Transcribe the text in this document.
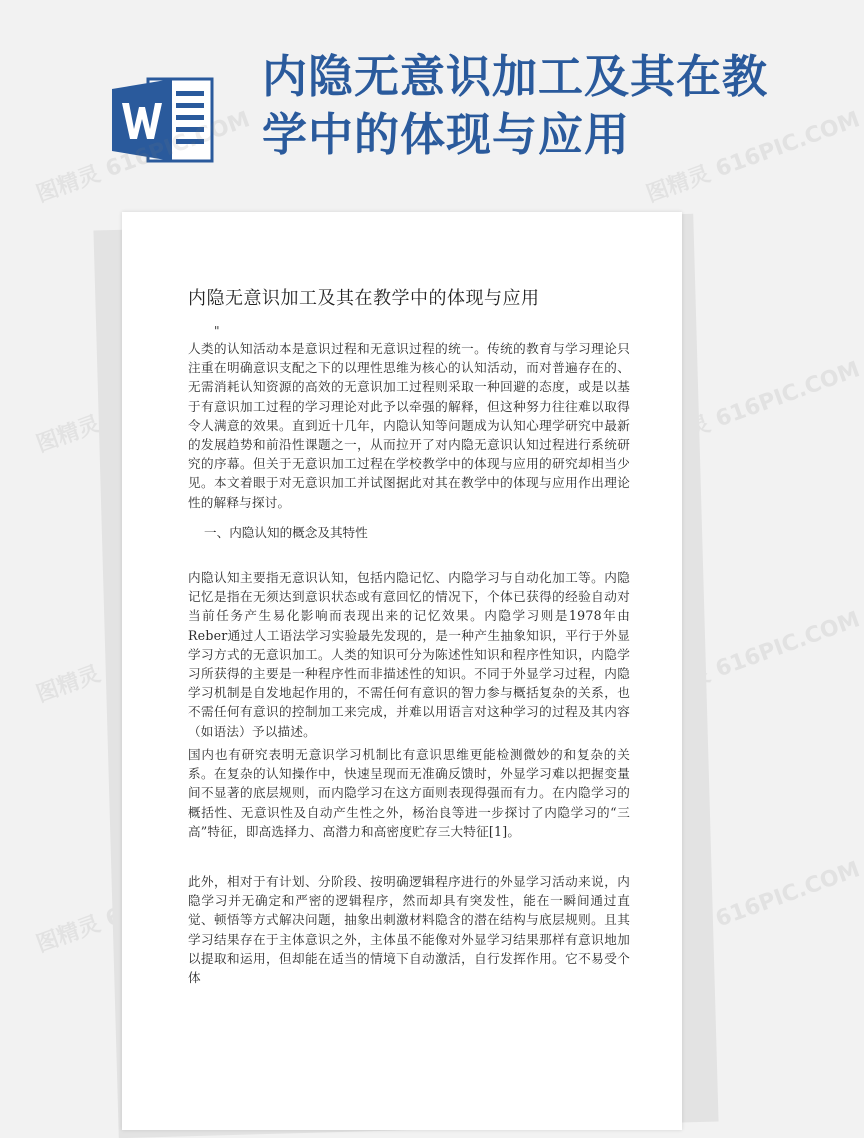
内隐无意识加工及其在教学中的体现与应用
图精灵 616PIC.COM	图精灵 616PIC.COM
图精灵	图精灵 616PIC.COM
图精灵	图精灵 616PIC.COM
图精灵	图精灵 616PIC.COM
内隐无意识加工及其在教学中的体现与应用
"

人类的认知活动本是意识过程和无意识过程的统一。传统的教育与学习理论只注重在明确意识支配之下的以理性思维为核心的认知活动，而对普遍存在的、无需消耗认知资源的高效的无意识加工过程则采取一种回避的态度，或是以基于有意识加工过程的学习理论对此予以牵强的解释，但这种努力往往难以取得令人满意的效果。直到近十几年，内隐认知等问题成为认知心理学研究中最新的发展趋势和前沿性课题之一，从而拉开了对内隐无意识认知过程进行系统研究的序幕。但关于无意识加工过程在学校教学中的体现与应用的研究却相当少见。本文着眼于对无意识加工并试图据此对其在教学中的体现与应用作出理论性的解释与探讨。

一、内隐认知的概念及其特性

内隐认知主要指无意识认知，包括内隐记忆、内隐学习与自动化加工等。内隐记忆是指在无须达到意识状态或有意回忆的情况下，个体已获得的经验自动对当前任务产生易化影响而表现出来的记忆效果。内隐学习则是1978年由Reber通过人工语法学习实验最先发现的，是一种产生抽象知识，平行于外显学习方式的无意识加工。人类的知识可分为陈述性知识和程序性知识，内隐学习所获得的主要是一种程序性而非描述性的知识。不同于外显学习过程，内隐学习机制是自发地起作用的，不需任何有意识的智力参与概括复杂的关系，也不需任何有意识的控制加工来完成，并难以用语言对这种学习的过程及其内容（如语法）予以描述。

国内也有研究表明无意识学习机制比有意识思维更能检测微妙的和复杂的关系。在复杂的认知操作中，快速呈现而无准确反馈时，外显学习难以把握变量间不显著的底层规则，而内隐学习在这方面则表现得强而有力。在内隐学习的概括性、无意识性及自动产生性之外，杨治良等进一步探讨了内隐学习的“三高”特征，即高选择力、高潜力和高密度贮存三大特征[1]。

此外，相对于有计划、分阶段、按明确逻辑程序进行的外显学习活动来说，内隐学习并无确定和严密的逻辑程序，然而却具有突发性，能在一瞬间通过直觉、顿悟等方式解决问题，抽象出刺激材料隐含的潜在结构与底层规则。且其学习结果存在于主体意识之外，主体虽不能像对外显学习结果那样有意识地加以提取和运用，但却能在适当的情境下自动激活，自行发挥作用。它不易受个体
